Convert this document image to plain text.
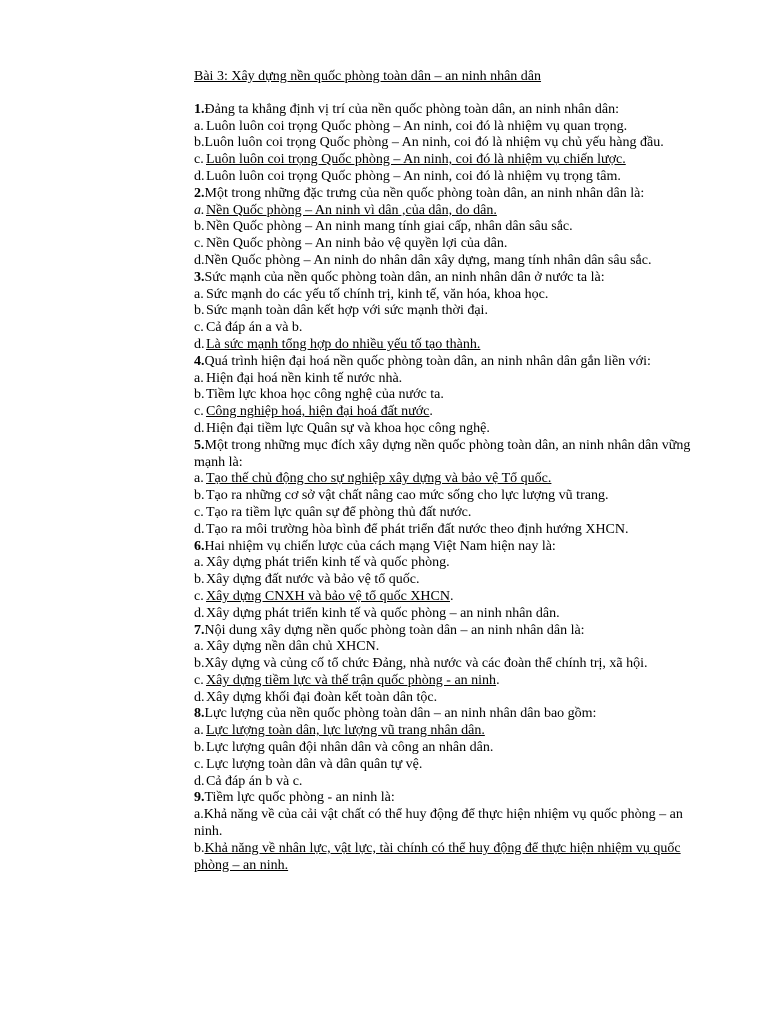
Bài 3: Xây dựng nền quốc phòng toàn dân – an ninh nhân dân
1.Đảng ta khẳng định vị trí của nền quốc phòng toàn dân, an ninh nhân dân:
a. Luôn luôn coi trọng Quốc phòng – An ninh, coi đó là nhiệm vụ quan trọng.
b.Luôn luôn coi trọng Quốc phòng – An ninh, coi đó là nhiệm vụ chủ yếu hàng đầu.
c. Luôn luôn coi trọng Quốc phòng – An ninh, coi đó là nhiệm vụ chiến lược.
d. Luôn luôn coi trọng Quốc phòng – An ninh, coi đó là nhiệm vụ trọng tâm.
2.Một trong những đặc trưng của nền quốc phòng toàn dân, an ninh nhân dân là:
a. Nền Quốc phòng – An ninh vì dân ,của dân, do dân.
b. Nền Quốc phòng – An ninh mang tính giai cấp, nhân dân sâu sắc.
c. Nền Quốc phòng – An ninh bảo vệ quyền lợi của dân.
d.Nền Quốc phòng – An ninh do nhân dân xây dựng, mang tính nhân dân sâu sắc.
3.Sức mạnh của nền quốc phòng toàn dân, an ninh nhân dân ở nước ta là:
a. Sức mạnh do các yếu tố chính trị, kinh tế, văn hóa, khoa học.
b. Sức mạnh toàn dân kết hợp với sức mạnh thời đại.
c. Cả đáp án a và b.
d. Là sức mạnh tổng hợp do nhiều yếu tố tạo thành.
4.Quá trình hiện đại hoá nền quốc phòng toàn dân, an ninh nhân dân gắn liền với:
a. Hiện đại hoá nền kinh tế nước nhà.
b. Tiềm lực khoa học công nghệ của nước ta.
c. Công nghiệp hoá, hiện đại hoá đất nước.
d. Hiện đại tiềm lực Quân sự và khoa học công nghệ.
5.Một trong những mục đích xây dựng nền quốc phòng toàn dân, an ninh nhân dân vững mạnh là:
a. Tạo thế chủ động cho sự nghiệp xây dựng và bảo vệ Tổ quốc.
b. Tạo ra những cơ sở vật chất nâng cao mức sống cho lực lượng vũ trang.
c. Tạo ra tiềm lực quân sự để phòng thủ đất nước.
d. Tạo ra môi trường hòa bình để phát triển đất nước theo định hướng XHCN.
6.Hai nhiệm vụ chiến lược của cách mạng Việt Nam hiện nay là:
a. Xây dựng phát triển kinh tế và quốc phòng.
b. Xây dựng đất nước và bảo vệ tổ quốc.
c. Xây dựng CNXH và bảo vệ tổ quốc XHCN.
d. Xây dựng phát triển kinh tế và quốc phòng – an ninh nhân dân.
7.Nội dung xây dựng nền quốc phòng toàn dân – an ninh nhân dân là:
a. Xây dựng nền dân chủ XHCN.
b.Xây dựng và củng cố tổ chức Đảng, nhà nước và các đoàn thể chính trị, xã hội.
c. Xây dựng tiềm lực và thế trận quốc phòng - an ninh.
d. Xây dựng khối đại đoàn kết toàn dân tộc.
8.Lực lượng của nền quốc phòng toàn dân – an ninh nhân dân bao gồm:
a. Lực lượng toàn dân, lực lượng vũ trang nhân dân.
b. Lực lượng quân đội nhân dân và công an nhân dân.
c. Lực lượng toàn dân và dân quân tự vệ.
d. Cả đáp án b và c.
9.Tiềm lực quốc phòng - an ninh là:
a.Khả năng về của cải vật chất có thể huy động để thực hiện nhiệm vụ quốc phòng – an ninh.
b.Khả năng về nhân lực, vật lực, tài chính có thể huy động để thực hiện nhiệm vụ quốc phòng – an ninh.
